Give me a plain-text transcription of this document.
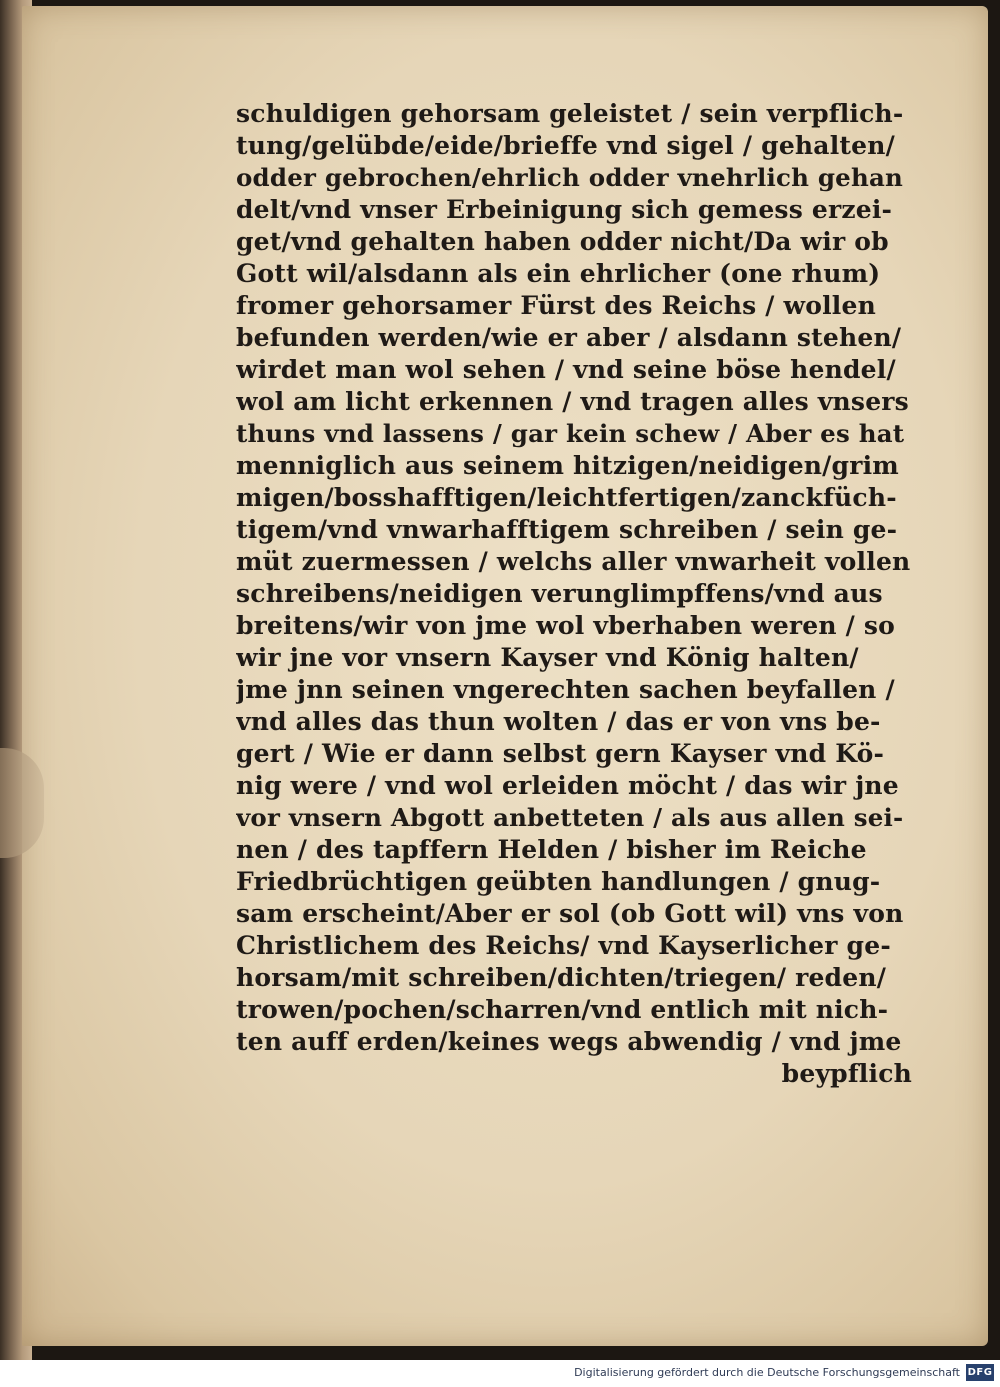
schuldigen gehorsam geleistet / sein verpflich-
tung/gelübde/eide/brieffe vnd sigel / gehalten/
odder gebrochen/ehrlich odder vnehrlich gehan
delt/vnd vnser Erbeinigung sich gemess erzei-
get/vnd gehalten haben odder nicht/Da wir ob
Gott wil/alsdann als ein ehrlicher (one rhum)
fromer gehorsamer Fürst des Reichs / wollen
befunden werden/wie er aber / alsdann stehen/
wirdet man wol sehen / vnd seine böse hendel/
wol am licht erkennen / vnd tragen alles vnsers
thuns vnd lassens / gar kein schew / Aber es hat
menniglich aus seinem hitzigen/neidigen/grim
migen/bosshafftigen/leichtfertigen/zanckfüch-
tigem/vnd vnwarhafftigem schreiben / sein ge-
müt zuermessen / welchs aller vnwarheit vollen
schreibens/neidigen verunglimpffens/vnd aus
breitens/wir von jme wol vberhaben weren / so
wir jne vor vnsern Kayser vnd König halten/
jme jnn seinen vngerechten sachen beyfallen /
vnd alles das thun wolten / das er von vns be-
gert / Wie er dann selbst gern Kayser vnd Kö-
nig were / vnd wol erleiden möcht / das wir jne
vor vnsern Abgott anbetteten / als aus allen sei-
nen / des tapffern Helden / bisher im Reiche
Friedbrüchtigen geübten handlungen / gnug-
sam erscheint/Aber er sol (ob Gott wil) vns von
Christlichem des Reichs/ vnd Kayserlicher ge-
horsam/mit schreiben/dichten/triegen/ reden/
trowen/pochen/scharren/vnd entlich mit nich-
ten auff erden/keines wegs abwendig / vnd jme
beypflich
Digitalisierung gefördert durch die Deutsche Forschungsgemeinschaft DFG
